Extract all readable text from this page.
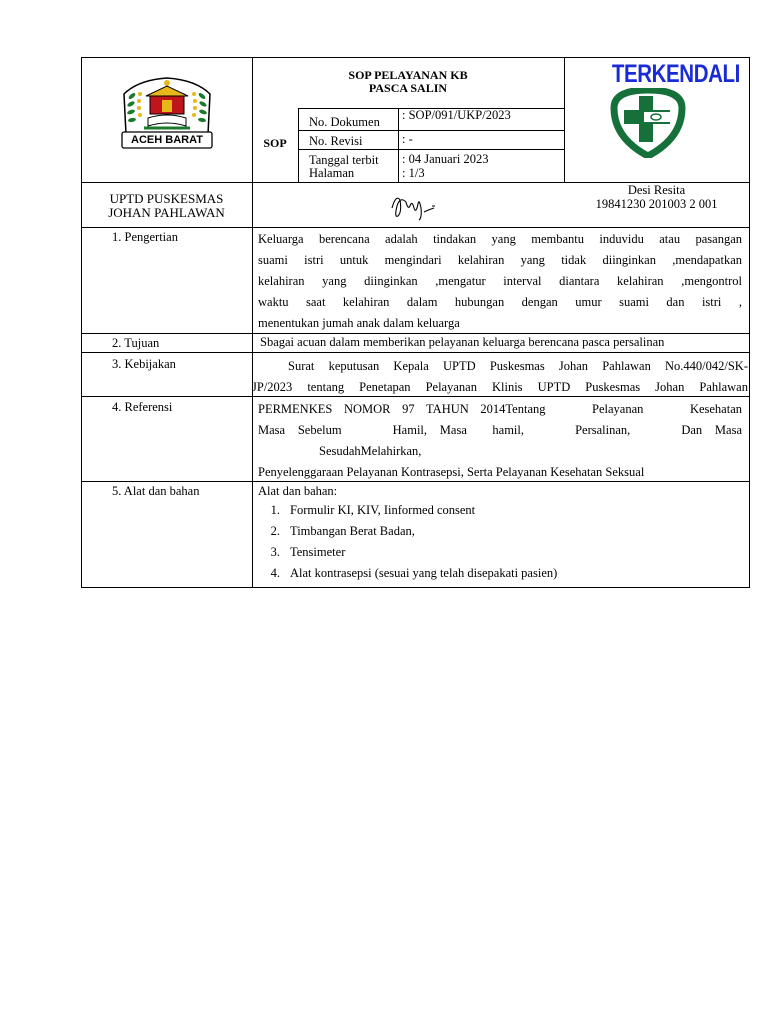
ACEH BARAT
SOP PELAYANAN KB
PASCA SALIN
SOP
No. Dokumen : SOP/091/UKP/2023
No. Revisi	: -
Tanggal terbit : 04 Januari 2023
Halaman	: 1/3
TERKENDALI
UPTD PUSKESMAS
JOHAN PAHLAWAN
Desi Resita
19841230 201003 2 001
1. Pengertian	Keluarga berencana adalah tindakan yang membantu induvidu atau pasangan
suami istri untuk mengindari kelahiran yang tidak diinginkan ,mendapatkan
kelahiran yang diinginkan ,mengatur interval diantara kelahiran ,mengontrol
waktu saat kelahiran dalam hubungan dengan umur suami dan istri ,
menentukan jumah anak dalam keluarga
2. Tujuan	Sbagai acuan dalam memberikan pelayanan keluarga berencana pasca persalinan
3. Kebijakan	Surat keputusan Kepala UPTD Puskesmas Johan Pahlawan No.440/042/SK-
JP/2023 tentang Penetapan Pelayanan Klinis UPTD Puskesmas Johan Pahlawan
4. Referensi	PERMENKES NOMOR 97 TAHUN 2014Tentang    Pelayanan    Kesehatan
Masa Sebelum    Hamil, Masa  hamil,    Persalinan,    Dan Masa
SesudahMelahirkan,
Penyelenggaraan Pelayanan Kontrasepsi, Serta Pelayanan Kesehatan Seksual
5. Alat dan bahan	Alat dan bahan:
1. Formulir KI, KIV, Iinformed consent
2. Timbangan Berat Badan,
3. Tensimeter
4. Alat kontrasepsi (sesuai yang telah disepakati pasien)
